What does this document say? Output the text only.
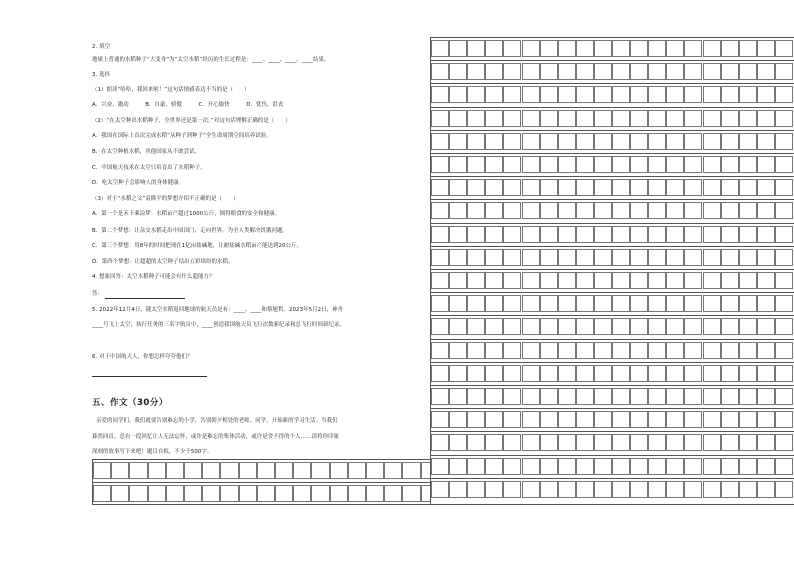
2. 填空
地球上普通的水稻种子“大变身”为“太空水稻”经历的生长过程是：____、____、____、____结果。
3. 选择
（1）朗读“哈哈，我回来啦！”这句话情感表达不当的是（　　）
A．兴奋、激动　　　B．自豪、骄傲　　　C．开心愉快　　　D．忧伤、沮丧
（2）“在太空种出水稻种子，全世界还是第一次。”对这句话理解正确的是（　　）
A．我国在国际上首次完成水稻“从种子到种子”全生命周期空间培养试验。
B．在太空种植水稻，其他国家从不敢尝试。
C．中国航天技术在太空只培育出了水稻种子。
D．吃太空种子会影响人的身体健康。
（3）对于“水稻之父”袁隆平的梦想介绍不正确的是（　　）
A．第一个是禾下乘凉梦：水稻亩产超过1000公斤，倒得粮食的安全和健康。
B．第二个梦想：让杂交水稻走出中国国门、走向世界，为全人类解决饥饿问题。
C．第三个梦想：用8年的时间把现在1亿亩盐碱地，让耐盐碱水稻亩产能达到20公斤。
D．第四个梦想：让超超的太空种子结出五彩缤纷的水稻。
4. 想象回答：太空水稻种子可能会有什么超能力？
答：
5. 2022年12月4日，随太空水稻返回地球的航天员是有：____、____和蔡旭哲。2023年5月2日，神舟
____号飞上太空，执行任务的三名宇航员中，____创造我国航天员飞行次数新纪录和总飞行时间新纪录。
6. 对于中国航天人，你想怎样夸夸他们？
五、作文（30分）
亲爱的同学们，我们就要告别难忘的小学，告别朝夕相处的老师、同学，开始新的学习生活。当我们
暮然回首，总有一段回忆让人无法忘怀，或许是难忘的集体活动，或许是舍不得的个人……请将你印象
深刻的故事写下来吧！题目自拟，不少于500字。
